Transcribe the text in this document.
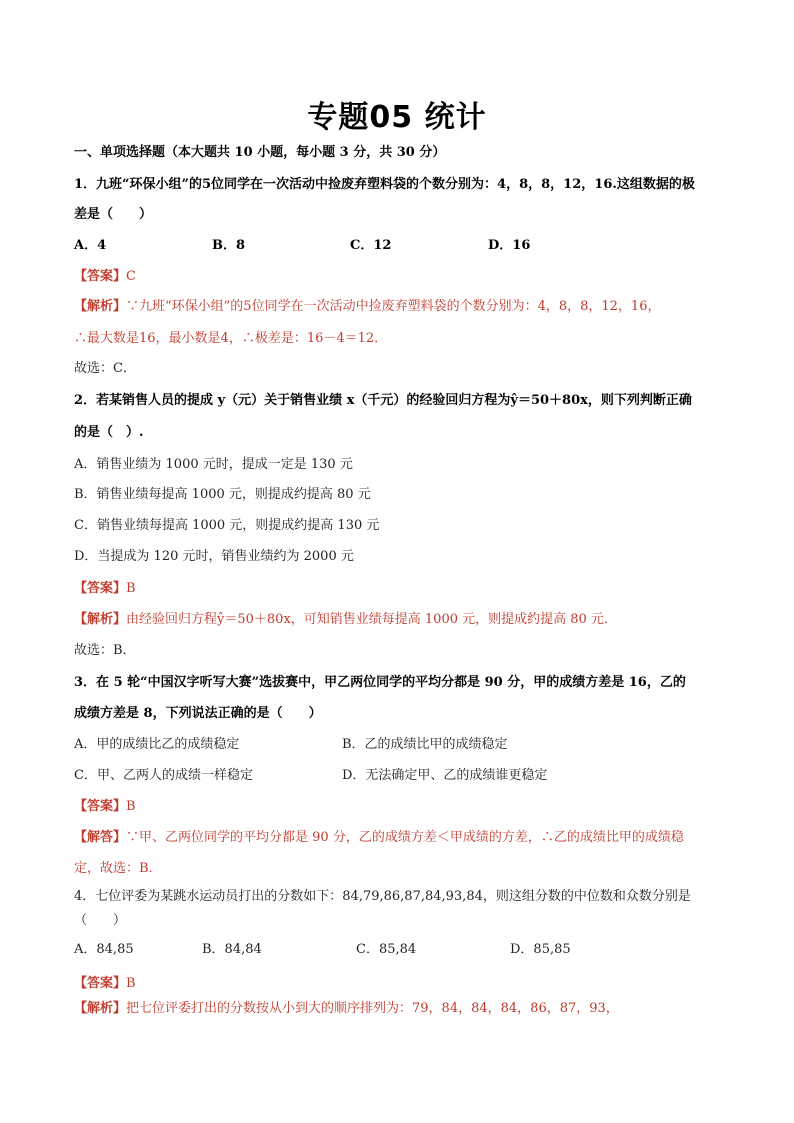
专题05 统计
一、单项选择题（本大题共 10 小题，每小题 3 分，共 30 分）
1．九班“环保小组”的5位同学在一次活动中捡废弃塑料袋的个数分别为：4，8，8，12，16.这组数据的极
差是（　　）
A．4	B．8	C．12	D．16
【答案】C
【解析】∵九班“环保小组”的5位同学在一次活动中捡废弃塑料袋的个数分别为：4，8，8，12，16，
∴最大数是16，最小数是4，∴极差是：16－4＝12．
故选：C．
2．若某销售人员的提成 y（元）关于销售业绩 x（千元）的经验回归方程为ŷ＝50＋80x，则下列判断正确
的是（　）.
A．销售业绩为 1000 元时，提成一定是 130 元
B．销售业绩每提高 1000 元，则提成约提高 80 元
C．销售业绩每提高 1000 元，则提成约提高 130 元
D．当提成为 120 元时，销售业绩约为 2000 元
【答案】B
【解析】由经验回归方程ŷ＝50＋80x，可知销售业绩每提高 1000 元，则提成约提高 80 元．
故选：B．
3．在 5 轮“中国汉字听写大赛”选拔赛中，甲乙两位同学的平均分都是 90 分，甲的成绩方差是 16，乙的
成绩方差是 8，下列说法正确的是（　　）
A．甲的成绩比乙的成绩稳定	B．乙的成绩比甲的成绩稳定
C．甲、乙两人的成绩一样稳定	D．无法确定甲、乙的成绩谁更稳定
【答案】B
【解答】∵甲、乙两位同学的平均分都是 90 分，乙的成绩方差＜甲成绩的方差，∴乙的成绩比甲的成绩稳
定，故选：B．
4．七位评委为某跳水运动员打出的分数如下：84,79,86,87,84,93,84，则这组分数的中位数和众数分别是
（　　）
A．84,85	B．84,84	C．85,84	D．85,85
【答案】B
【解析】把七位评委打出的分数按从小到大的顺序排列为：79，84，84，84，86，87，93，
